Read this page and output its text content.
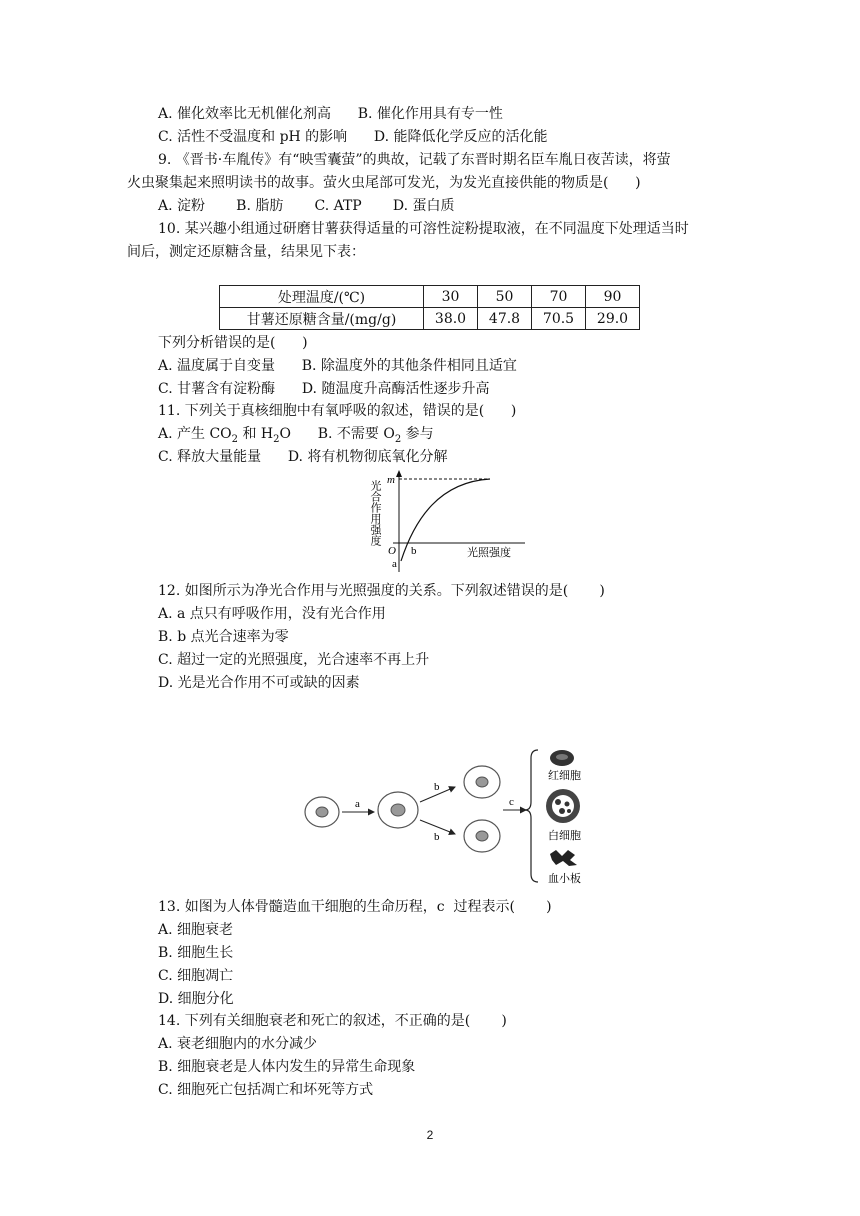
A. 催化效率比无机催化剂高      B. 催化作用具有专一性
C. 活性不受温度和 pH 的影响      D. 能降低化学反应的活化能
9. 《晋书·车胤传》有“映雪囊萤”的典故，记载了东晋时期名臣车胤日夜苦读，将萤
火虫聚集起来照明读书的故事。萤火虫尾部可发光，为发光直接供能的物质是(      )
A. 淀粉       B. 脂肪       C. ATP       D. 蛋白质
10. 某兴趣小组通过研磨甘薯获得适量的可溶性淀粉提取液，在不同温度下处理适当时
间后，测定还原糖含量，结果见下表：
处理温度/(℃)	30	50	70	90
甘薯还原糖含量/(mg/g)	38.0	47.8	70.5	29.0
下列分析错误的是(      )
A. 温度属于自变量      B. 除温度外的其他条件相同且适宜
C. 甘薯含有淀粉酶      D. 随温度升高酶活性逐步升高
11. 下列关于真核细胞中有氧呼吸的叙述，错误的是(      )
A. 产生 $CO_2$ 和 $H_2O$      B. 不需要 $O_2$ 参与
C. 释放大量能量      D. 将有机物彻底氧化分解
m
O b
a
光照强度
光合作用强度
12. 如图所示为净光合作用与光照强度的关系。下列叙述错误的是(       )
A. a 点只有呼吸作用，没有光合作用
B. b 点光合速率为零
C. 超过一定的光照强度，光合速率不再上升
D. 光是光合作用不可或缺的因素
a
b
b
c
红细胞
白细胞
血小板
13. 如图为人体骨髓造血干细胞的生命历程，c  过程表示(       )
A. 细胞衰老
B. 细胞生长
C. 细胞凋亡
D. 细胞分化
14. 下列有关细胞衰老和死亡的叙述，不正确的是(       )
A. 衰老细胞内的水分减少
B. 细胞衰老是人体内发生的异常生命现象
C. 细胞死亡包括凋亡和坏死等方式
2
